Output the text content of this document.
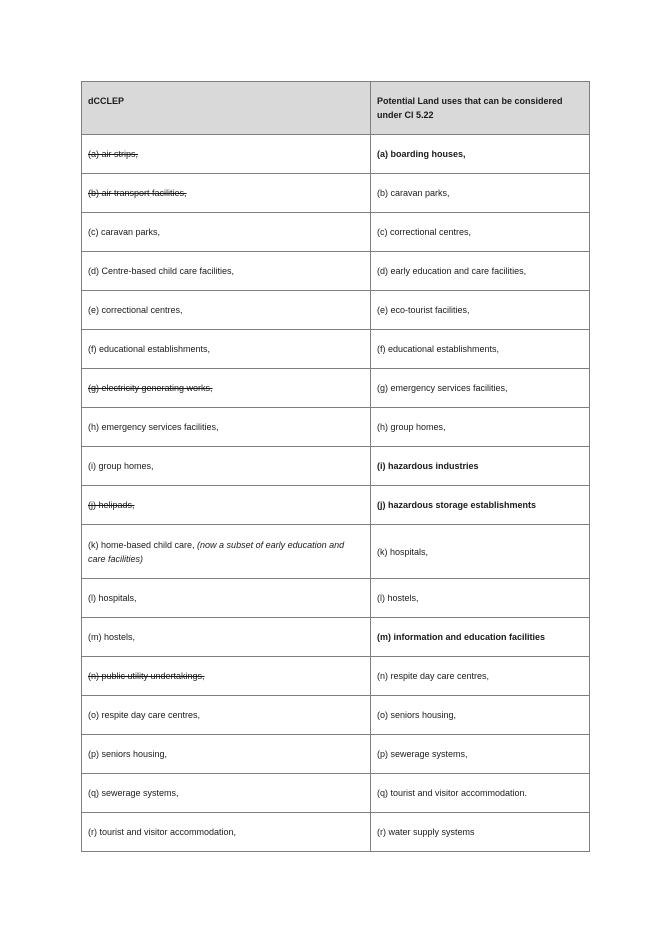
dCCLEP	Potential Land uses that can be considered under Cl 5.22
(a) air strips,	(a) boarding houses,
(b) air transport facilities,	(b) caravan parks,
(c) caravan parks,	(c) correctional centres,
(d) Centre-based child care facilities,	(d) early education and care facilities,
(e) correctional centres,	(e) eco-tourist facilities,
(f) educational establishments,	(f) educational establishments,
(g) electricity generating works,	(g) emergency services facilities,
(h) emergency services facilities,	(h) group homes,
(i) group homes,	(i) hazardous industries
(j) helipads,	(j) hazardous storage establishments
(k) home-based child care, (now a subset of early education and care facilities)	(k) hospitals,
(l) hospitals,	(l) hostels,
(m) hostels,	(m) information and education facilities
(n) public utility undertakings,	(n) respite day care centres,
(o) respite day care centres,	(o) seniors housing,
(p) seniors housing,	(p) sewerage systems,
(q) sewerage systems,	(q) tourist and visitor accommodation.
(r) tourist and visitor accommodation,	(r) water supply systems
